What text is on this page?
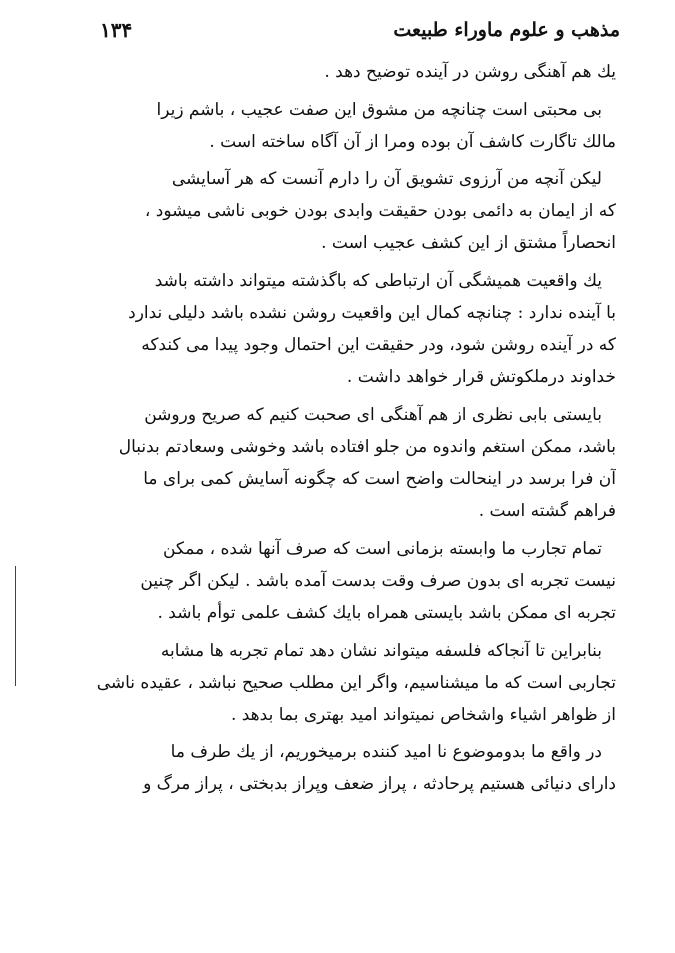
مذهب و علوم ماوراء طبیعت
۱۳۴
یك هم آهنگی روشن در آینده توضیح دهد .
بی محبتی است چنانچه من مشوق این صفت عجیب ، باشم زیرا
مالك تاگارت کاشف آن بوده ومرا از آن آگاه ساخته است .
لیکن آنچه من آرزوی تشویق آن را دارم آنست که هر آسایشی
که از ایمان به دائمی بودن حقیقت وابدی بودن خوبی ناشی میشود ،
انحصاراً مشتق از این کشف عجیب است .
یك واقعیت همیشگی آن ارتباطی که باگذشته میتواند داشته باشد
با آینده ندارد : چنانچه کمال این واقعیت روشن نشده باشد دلیلی ندارد
که در آینده روشن شود، ودر حقیقت این احتمال وجود پیدا می کندکه
خداوند درملکوتش قرار خواهد داشت .
بایستی بابی نظری از هم آهنگی ای صحبت کنیم که صریح وروشن
باشد، ممکن استغم واندوه من جلو افتاده باشد وخوشی وسعادتم بدنبال
آن فرا برسد در اینحالت واضح است که چگونه آسایش کمی برای ما
فراهم گشته است .
تمام تجارب ما وابسته بزمانی است که صرف آنها شده ، ممکن
نیست تجربه ای بدون صرف وقت بدست آمده باشد . لیکن اگر چنین
تجربه ای ممکن باشد بایستی همراه بایك کشف علمی توأم باشد .
بنابراین تا آنجاکه فلسفه میتواند نشان دهد تمام تجربه ها مشابه
تجاربی است که ما میشناسیم، واگر این مطلب صحیح نباشد ، عقیده ناشی
از ظواهر اشیاء واشخاص نمیتواند امید بهتری بما بدهد .
در واقع ما بدوموضوع نا امید کننده برمیخوریم، از یك طرف ما
دارای دنیائی هستیم پرحادثه ، پراز ضعف وپراز بدبختی ، پراز مرگ و
